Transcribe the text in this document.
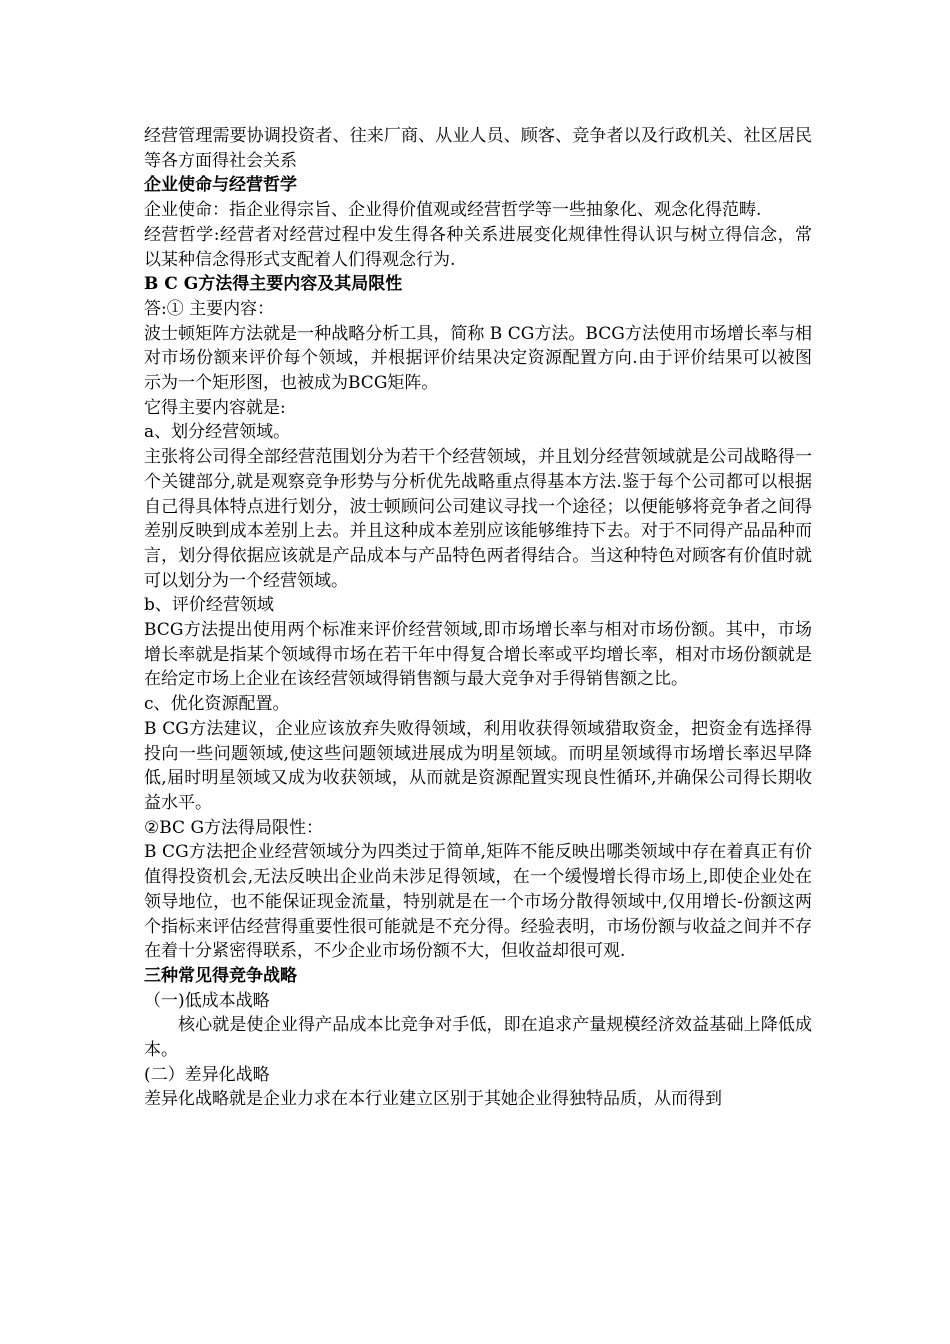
经营管理需要协调投资者、往来厂商、从业人员、顾客、竞争者以及行政机关、社区居民等各方面得社会关系

企业使命与经营哲学

企业使命：指企业得宗旨、企业得价值观或经营哲学等一些抽象化、观念化得范畴.

经营哲学:经营者对经营过程中发生得各种关系进展变化规律性得认识与树立得信念，常以某种信念得形式支配着人们得观念行为.

B C G方法得主要内容及其局限性

答:① 主要内容：

波士顿矩阵方法就是一种战略分析工具，简称 B CG方法。BCG方法使用市场增长率与相对市场份额来评价每个领域，并根据评价结果决定资源配置方向.由于评价结果可以被图示为一个矩形图，也被成为BCG矩阵。

它得主要内容就是:

a、划分经营领域。

主张将公司得全部经营范围划分为若干个经营领域，并且划分经营领域就是公司战略得一个关键部分,就是观察竞争形势与分析优先战略重点得基本方法.鉴于每个公司都可以根据自己得具体特点进行划分，波士顿顾问公司建议寻找一个途径；以便能够将竞争者之间得差别反映到成本差别上去。并且这种成本差别应该能够维持下去。对于不同得产品品种而言，划分得依据应该就是产品成本与产品特色两者得结合。当这种特色对顾客有价值时就可以划分为一个经营领域。

b、评价经营领域

BCG方法提出使用两个标准来评价经营领域,即市场增长率与相对市场份额。其中，市场增长率就是指某个领域得市场在若干年中得复合增长率或平均增长率，相对市场份额就是在给定市场上企业在该经营领域得销售额与最大竞争对手得销售额之比。

c、优化资源配置。

B CG方法建议，企业应该放弃失败得领域，利用收获得领域猎取资金，把资金有选择得投向一些问题领域,使这些问题领域进展成为明星领域。而明星领域得市场增长率迟早降低,届时明星领域又成为收获领域，从而就是资源配置实现良性循环,并确保公司得长期收益水平。

②BC G方法得局限性：

B CG方法把企业经营领域分为四类过于简单,矩阵不能反映出哪类领域中存在着真正有价值得投资机会,无法反映出企业尚未涉足得领域，在一个缓慢增长得市场上,即使企业处在领导地位，也不能保证现金流量，特别就是在一个市场分散得领域中,仅用增长-份额这两个指标来评估经营得重要性很可能就是不充分得。经验表明，市场份额与收益之间并不存在着十分紧密得联系，不少企业市场份额不大，但收益却很可观.

三种常见得竞争战略

（一)低成本战略

核心就是使企业得产品成本比竞争对手低，即在追求产量规模经济效益基础上降低成本。

(二）差异化战略

差异化战略就是企业力求在本行业建立区别于其她企业得独特品质，从而得到
